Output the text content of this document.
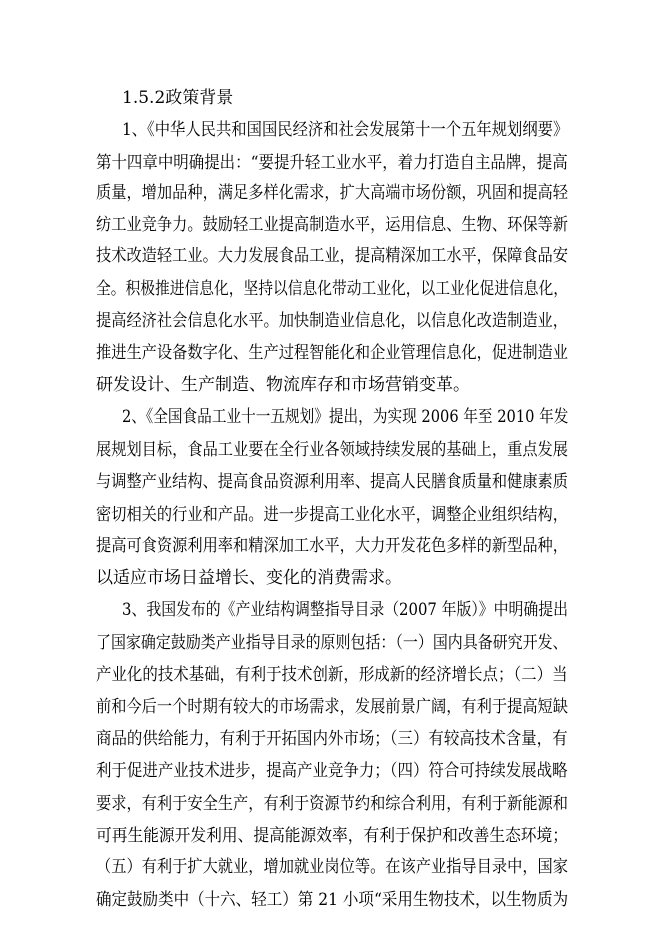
1.5.2政策背景
1、《中华人民共和国国民经济和社会发展第十一个五年规划纲要》
第十四章中明确提出：“要提升轻工业水平，着力打造自主品牌，提高
质量，增加品种，满足多样化需求，扩大高端市场份额，巩固和提高轻
纺工业竞争力。鼓励轻工业提高制造水平，运用信息、生物、环保等新
技术改造轻工业。大力发展食品工业，提高精深加工水平，保障食品安
全。积极推进信息化，坚持以信息化带动工业化，以工业化促进信息化，
提高经济社会信息化水平。加快制造业信息化，以信息化改造制造业，
推进生产设备数字化、生产过程智能化和企业管理信息化，促进制造业
研发设计、生产制造、物流库存和市场营销变革。
2、《全国食品工业十一五规划》提出，为实现 2006 年至 2010 年发
展规划目标，食品工业要在全行业各领域持续发展的基础上，重点发展
与调整产业结构、提高食品资源利用率、提高人民膳食质量和健康素质
密切相关的行业和产品。进一步提高工业化水平，调整企业组织结构，
提高可食资源利用率和精深加工水平，大力开发花色多样的新型品种，
以适应市场日益增长、变化的消费需求。
3、我国发布的《产业结构调整指导目录（2007 年版）》中明确提出
了国家确定鼓励类产业指导目录的原则包括：（一）国内具备研究开发、
产业化的技术基础，有利于技术创新，形成新的经济增长点；（二）当
前和今后一个时期有较大的市场需求，发展前景广阔，有利于提高短缺
商品的供给能力，有利于开拓国内外市场；（三）有较高技术含量，有
利于促进产业技术进步，提高产业竞争力；（四）符合可持续发展战略
要求，有利于安全生产，有利于资源节约和综合利用，有利于新能源和
可再生能源开发利用、提高能源效率，有利于保护和改善生态环境；
（五）有利于扩大就业，增加就业岗位等。在该产业指导目录中，国家
确定鼓励类中（十六、轻工）第 21 小项“采用生物技术，以生物质为
